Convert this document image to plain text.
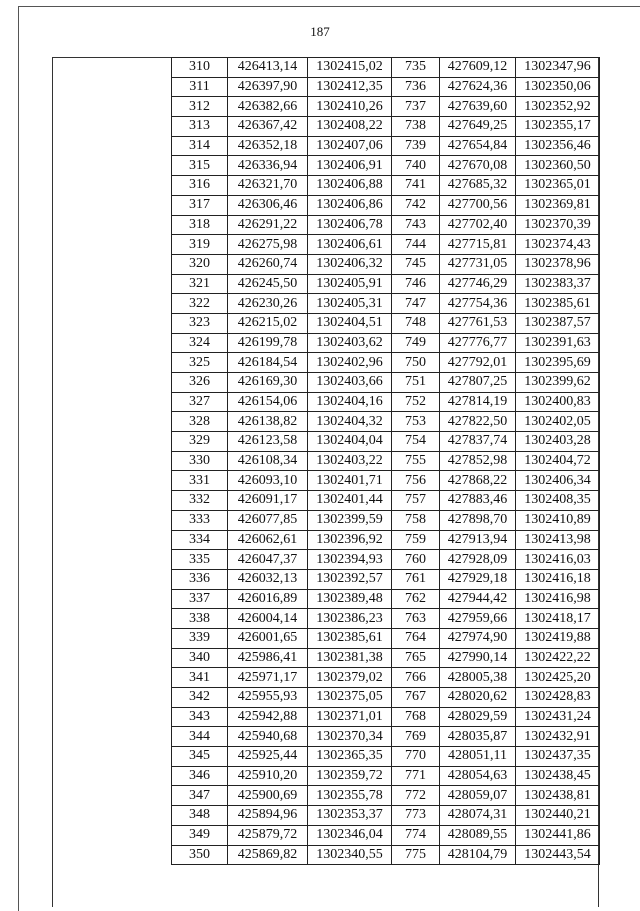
187
310	426413,14	1302415,02	735	427609,12	1302347,96
311	426397,90	1302412,35	736	427624,36	1302350,06
312	426382,66	1302410,26	737	427639,60	1302352,92
313	426367,42	1302408,22	738	427649,25	1302355,17
314	426352,18	1302407,06	739	427654,84	1302356,46
315	426336,94	1302406,91	740	427670,08	1302360,50
316	426321,70	1302406,88	741	427685,32	1302365,01
317	426306,46	1302406,86	742	427700,56	1302369,81
318	426291,22	1302406,78	743	427702,40	1302370,39
319	426275,98	1302406,61	744	427715,81	1302374,43
320	426260,74	1302406,32	745	427731,05	1302378,96
321	426245,50	1302405,91	746	427746,29	1302383,37
322	426230,26	1302405,31	747	427754,36	1302385,61
323	426215,02	1302404,51	748	427761,53	1302387,57
324	426199,78	1302403,62	749	427776,77	1302391,63
325	426184,54	1302402,96	750	427792,01	1302395,69
326	426169,30	1302403,66	751	427807,25	1302399,62
327	426154,06	1302404,16	752	427814,19	1302400,83
328	426138,82	1302404,32	753	427822,50	1302402,05
329	426123,58	1302404,04	754	427837,74	1302403,28
330	426108,34	1302403,22	755	427852,98	1302404,72
331	426093,10	1302401,71	756	427868,22	1302406,34
332	426091,17	1302401,44	757	427883,46	1302408,35
333	426077,85	1302399,59	758	427898,70	1302410,89
334	426062,61	1302396,92	759	427913,94	1302413,98
335	426047,37	1302394,93	760	427928,09	1302416,03
336	426032,13	1302392,57	761	427929,18	1302416,18
337	426016,89	1302389,48	762	427944,42	1302416,98
338	426004,14	1302386,23	763	427959,66	1302418,17
339	426001,65	1302385,61	764	427974,90	1302419,88
340	425986,41	1302381,38	765	427990,14	1302422,22
341	425971,17	1302379,02	766	428005,38	1302425,20
342	425955,93	1302375,05	767	428020,62	1302428,83
343	425942,88	1302371,01	768	428029,59	1302431,24
344	425940,68	1302370,34	769	428035,87	1302432,91
345	425925,44	1302365,35	770	428051,11	1302437,35
346	425910,20	1302359,72	771	428054,63	1302438,45
347	425900,69	1302355,78	772	428059,07	1302438,81
348	425894,96	1302353,37	773	428074,31	1302440,21
349	425879,72	1302346,04	774	428089,55	1302441,86
350	425869,82	1302340,55	775	428104,79	1302443,54
